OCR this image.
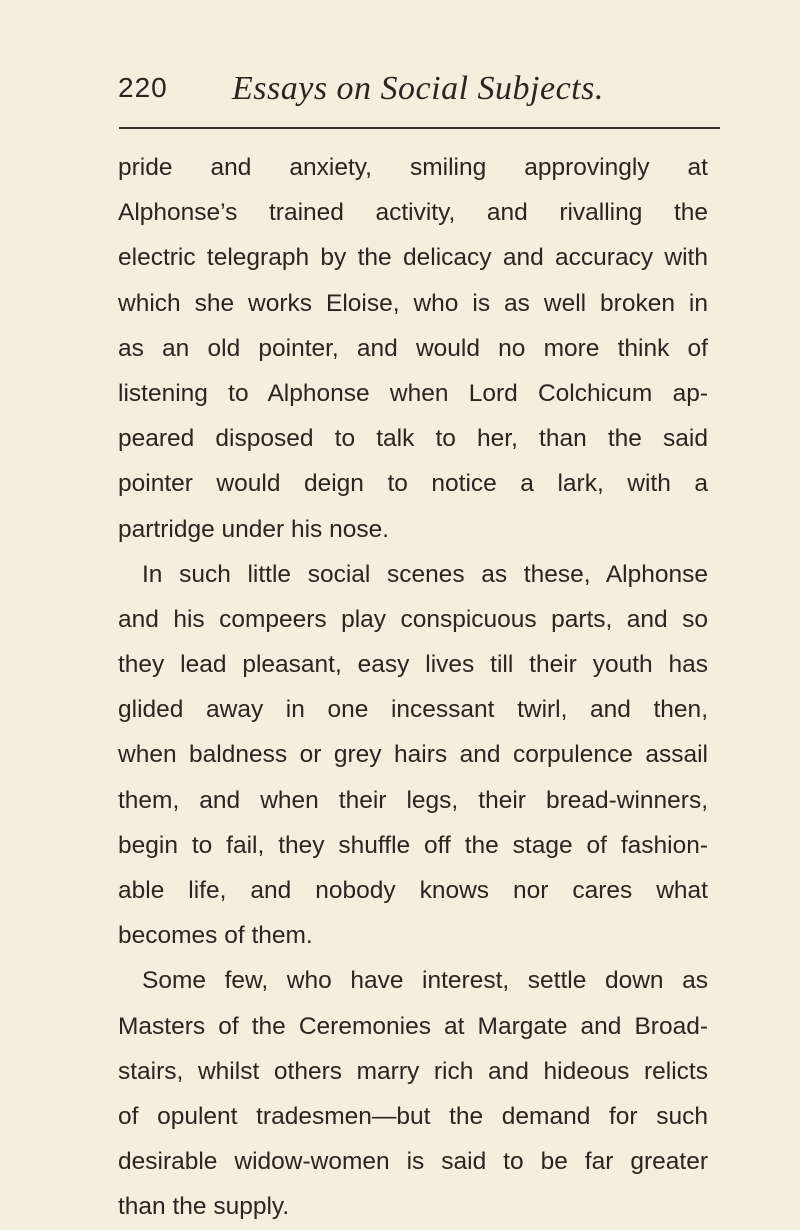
220 Essays on Social Subjects.
pride and anxiety, smiling approvingly at
Alphonse’s trained activity, and rivalling the
electric telegraph by the delicacy and accuracy with
which she works Eloise, who is as well broken in
as an old pointer, and would no more think of
listening to Alphonse when Lord Colchicum ap-
peared disposed to talk to her, than the said
pointer would deign to notice a lark, with a
partridge under his nose.
In such little social scenes as these, Alphonse
and his compeers play conspicuous parts, and so
they lead pleasant, easy lives till their youth has
glided away in one incessant twirl, and then,
when baldness or grey hairs and corpulence assail
them, and when their legs, their bread-winners,
begin to fail, they shuffle off the stage of fashion-
able life, and nobody knows nor cares what
becomes of them.
Some few, who have interest, settle down as
Masters of the Ceremonies at Margate and Broad-
stairs, whilst others marry rich and hideous relicts
of opulent tradesmen—but the demand for such
desirable widow-women is said to be far greater
than the supply.
